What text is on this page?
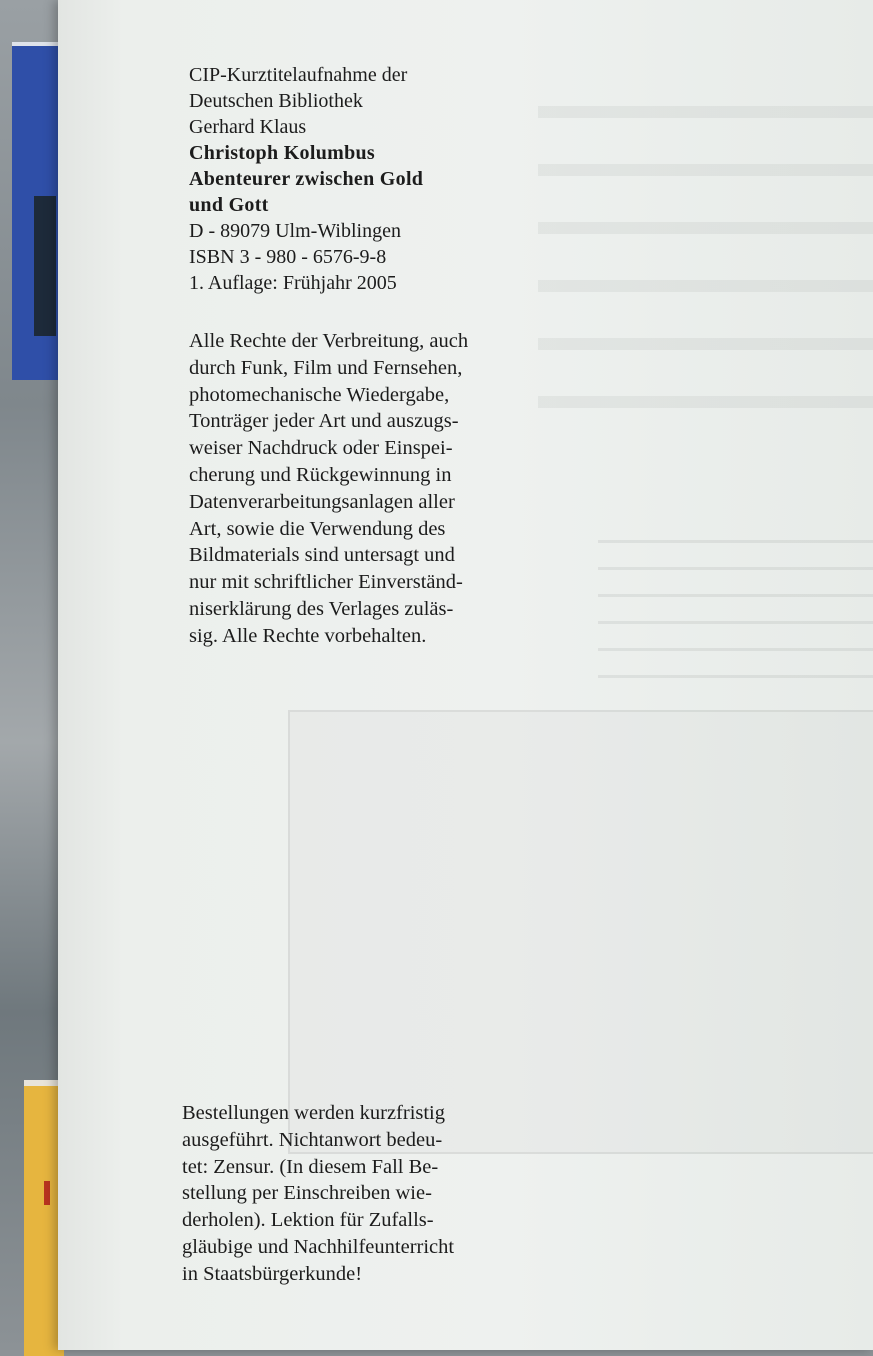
CIP-Kurztitelaufnahme der
Deutschen Bibliothek
Gerhard Klaus
Christoph Kolumbus
Abenteurer zwischen Gold
und Gott
D - 89079 Ulm-Wiblingen
ISBN 3 - 980 - 6576-9-8
1. Auflage: Frühjahr 2005
Alle Rechte der Verbreitung, auch
durch Funk, Film und Fernsehen,
photomechanische Wiedergabe,
Tonträger jeder Art und auszugs-
weiser Nachdruck oder Einspei-
cherung und Rückgewinnung in
Datenverarbeitungsanlagen aller
Art, sowie die Verwendung des
Bildmaterials sind untersagt und
nur mit schriftlicher Einverständ-
niserklärung des Verlages zuläs-
sig. Alle Rechte vorbehalten.
Bestellungen werden kurzfristig
ausgeführt. Nichtanwort bedeu-
tet: Zensur. (In diesem Fall Be-
stellung per Einschreiben wie-
derholen). Lektion für Zufalls-
gläubige und Nachhilfeunterricht
in Staatsbürgerkunde!
